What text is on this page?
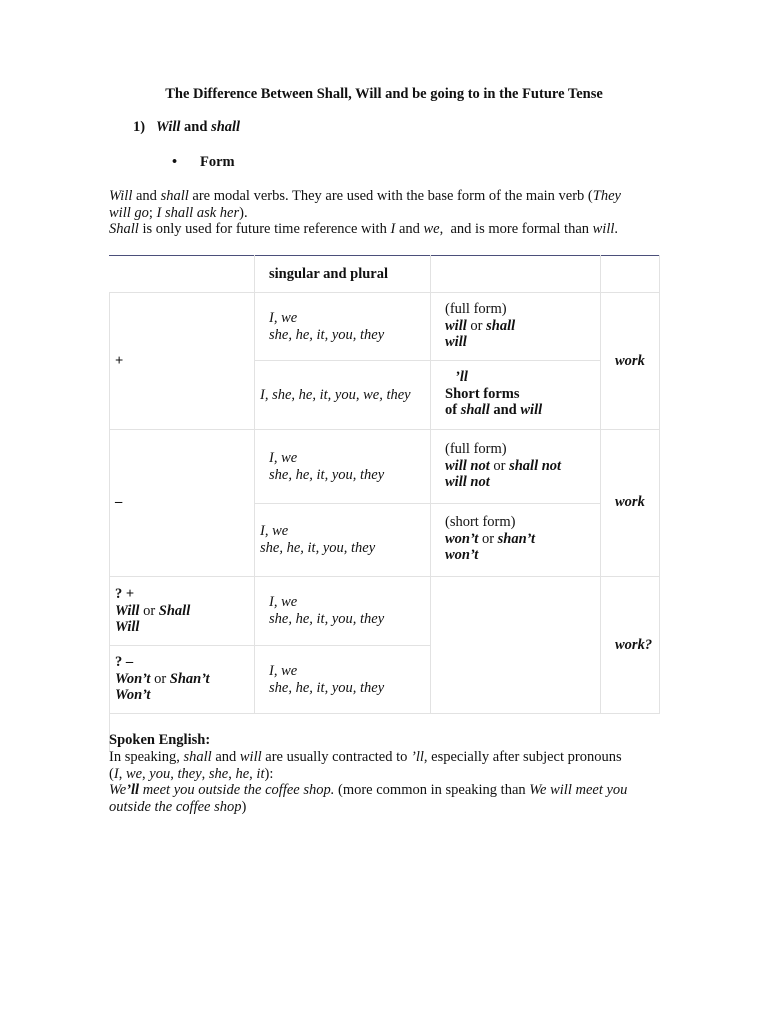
The Difference Between Shall, Will and be going to in the Future Tense
1) Will and shall
• Form
Will and shall are modal verbs. They are used with the base form of the main verb (They
will go; I shall ask her).
Shall is only used for future time reference with I and we,  and is more formal than will.
singular and plural
+
I, we
she, he, it, you, they
(full form)
will or shall
will
I, she, he, it, you, we, they
’ll
Short forms
of shall and will
work
–
I, we
she, he, it, you, they
(full form)
will not or shall not
will not
I, we
she, he, it, you, they
(short form)
won’t or shan’t
won’t
work
? +
Will or Shall
Will
I, we
she, he, it, you, they
? –
Won’t or Shan’t
Won’t
I, we
she, he, it, you, they
work?
Spoken English:
In speaking, shall and will are usually contracted to ’ll, especially after subject pronouns
(I, we, you, they, she, he, it):
We’ll meet you outside the coffee shop. (more common in speaking than We will meet you
outside the coffee shop)
